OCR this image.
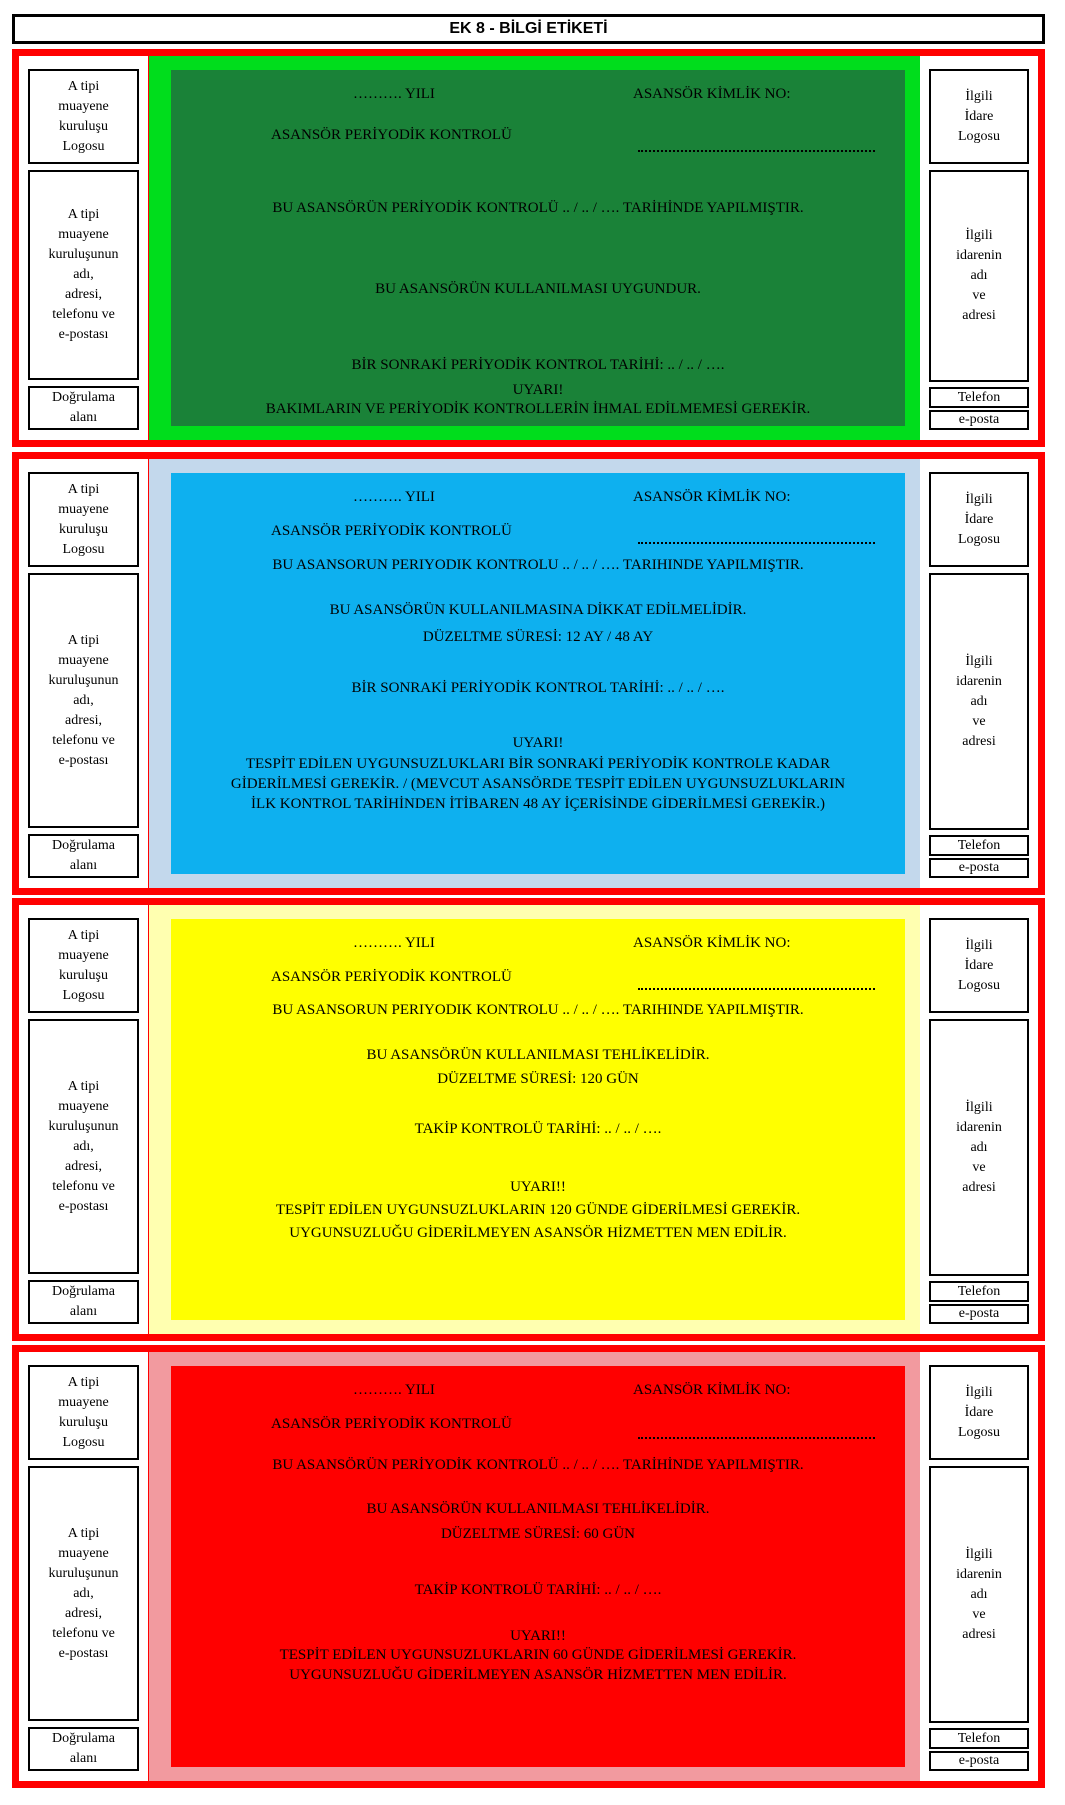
EK 8 - BİLGİ ETİKETİ
A tipi
muayene
kuruluşu
Logosu
A tipi
muayene
kuruluşunun
adı,
adresi,
telefonu ve
e-postası
Doğrulama
alanı
………. YILI	ASANSÖR KİMLİK NO:
ASANSÖR PERİYODİK KONTROLÜ
BU ASANSÖRÜN PERİYODİK KONTROLÜ .. / .. / …. TARİHİNDE YAPILMIŞTIR.
BU ASANSÖRÜN KULLANILMASI UYGUNDUR.
BİR SONRAKİ PERİYODİK KONTROL TARİHİ: .. / .. / ….
UYARI!
BAKIMLARIN VE PERİYODİK KONTROLLERİN İHMAL EDİLMEMESİ GEREKİR.
İlgili
İdare
Logosu
İlgili
idarenin
adı
ve
adresi
Telefon
e-posta
A tipi
muayene
kuruluşu
Logosu
A tipi
muayene
kuruluşunun
adı,
adresi,
telefonu ve
e-postası
Doğrulama
alanı
………. YILI	ASANSÖR KİMLİK NO:
ASANSÖR PERİYODİK KONTROLÜ
BU ASANSORUN PERIYODIK KONTROLU .. / .. / …. TARIHINDE YAPILMIŞTIR.
BU ASANSÖRÜN KULLANILMASINA DİKKAT EDİLMELİDİR.
DÜZELTME SÜRESİ: 12 AY / 48 AY
BİR SONRAKİ PERİYODİK KONTROL TARİHİ: .. / .. / ….
UYARI!
TESPİT EDİLEN UYGUNSUZLUKLARI BİR SONRAKİ PERİYODİK KONTROLE KADAR
GİDERİLMESİ GEREKİR. / (MEVCUT ASANSÖRDE TESPİT EDİLEN UYGUNSUZLUKLARIN
İLK KONTROL TARİHİNDEN İTİBAREN 48 AY İÇERİSİNDE GİDERİLMESİ GEREKİR.)
İlgili
İdare
Logosu
İlgili
idarenin
adı
ve
adresi
Telefon
e-posta
A tipi
muayene
kuruluşu
Logosu
A tipi
muayene
kuruluşunun
adı,
adresi,
telefonu ve
e-postası
Doğrulama
alanı
………. YILI	ASANSÖR KİMLİK NO:
ASANSÖR PERİYODİK KONTROLÜ
BU ASANSORUN PERIYODIK KONTROLU .. / .. / …. TARIHINDE YAPILMIŞTIR.
BU ASANSÖRÜN KULLANILMASI TEHLİKELİDİR.
DÜZELTME SÜRESİ: 120 GÜN
TAKİP KONTROLÜ TARİHİ: .. / .. / ….
UYARI!!
TESPİT EDİLEN UYGUNSUZLUKLARIN 120 GÜNDE GİDERİLMESİ GEREKİR.
UYGUNSUZLUĞU GİDERİLMEYEN ASANSÖR HİZMETTEN MEN EDİLİR.
İlgili
İdare
Logosu
İlgili
idarenin
adı
ve
adresi
Telefon
e-posta
A tipi
muayene
kuruluşu
Logosu
A tipi
muayene
kuruluşunun
adı,
adresi,
telefonu ve
e-postası
Doğrulama
alanı
………. YILI	ASANSÖR KİMLİK NO:
ASANSÖR PERİYODİK KONTROLÜ
BU ASANSÖRÜN PERİYODİK KONTROLÜ .. / .. / …. TARİHİNDE YAPILMIŞTIR.
BU ASANSÖRÜN KULLANILMASI TEHLİKELİDİR.
DÜZELTME SÜRESİ: 60 GÜN
TAKİP KONTROLÜ TARİHİ: .. / .. / ….
UYARI!!
TESPİT EDİLEN UYGUNSUZLUKLARIN 60 GÜNDE GİDERİLMESİ GEREKİR.
UYGUNSUZLUĞU GİDERİLMEYEN ASANSÖR HİZMETTEN MEN EDİLİR.
İlgili
İdare
Logosu
İlgili
idarenin
adı
ve
adresi
Telefon
e-posta
